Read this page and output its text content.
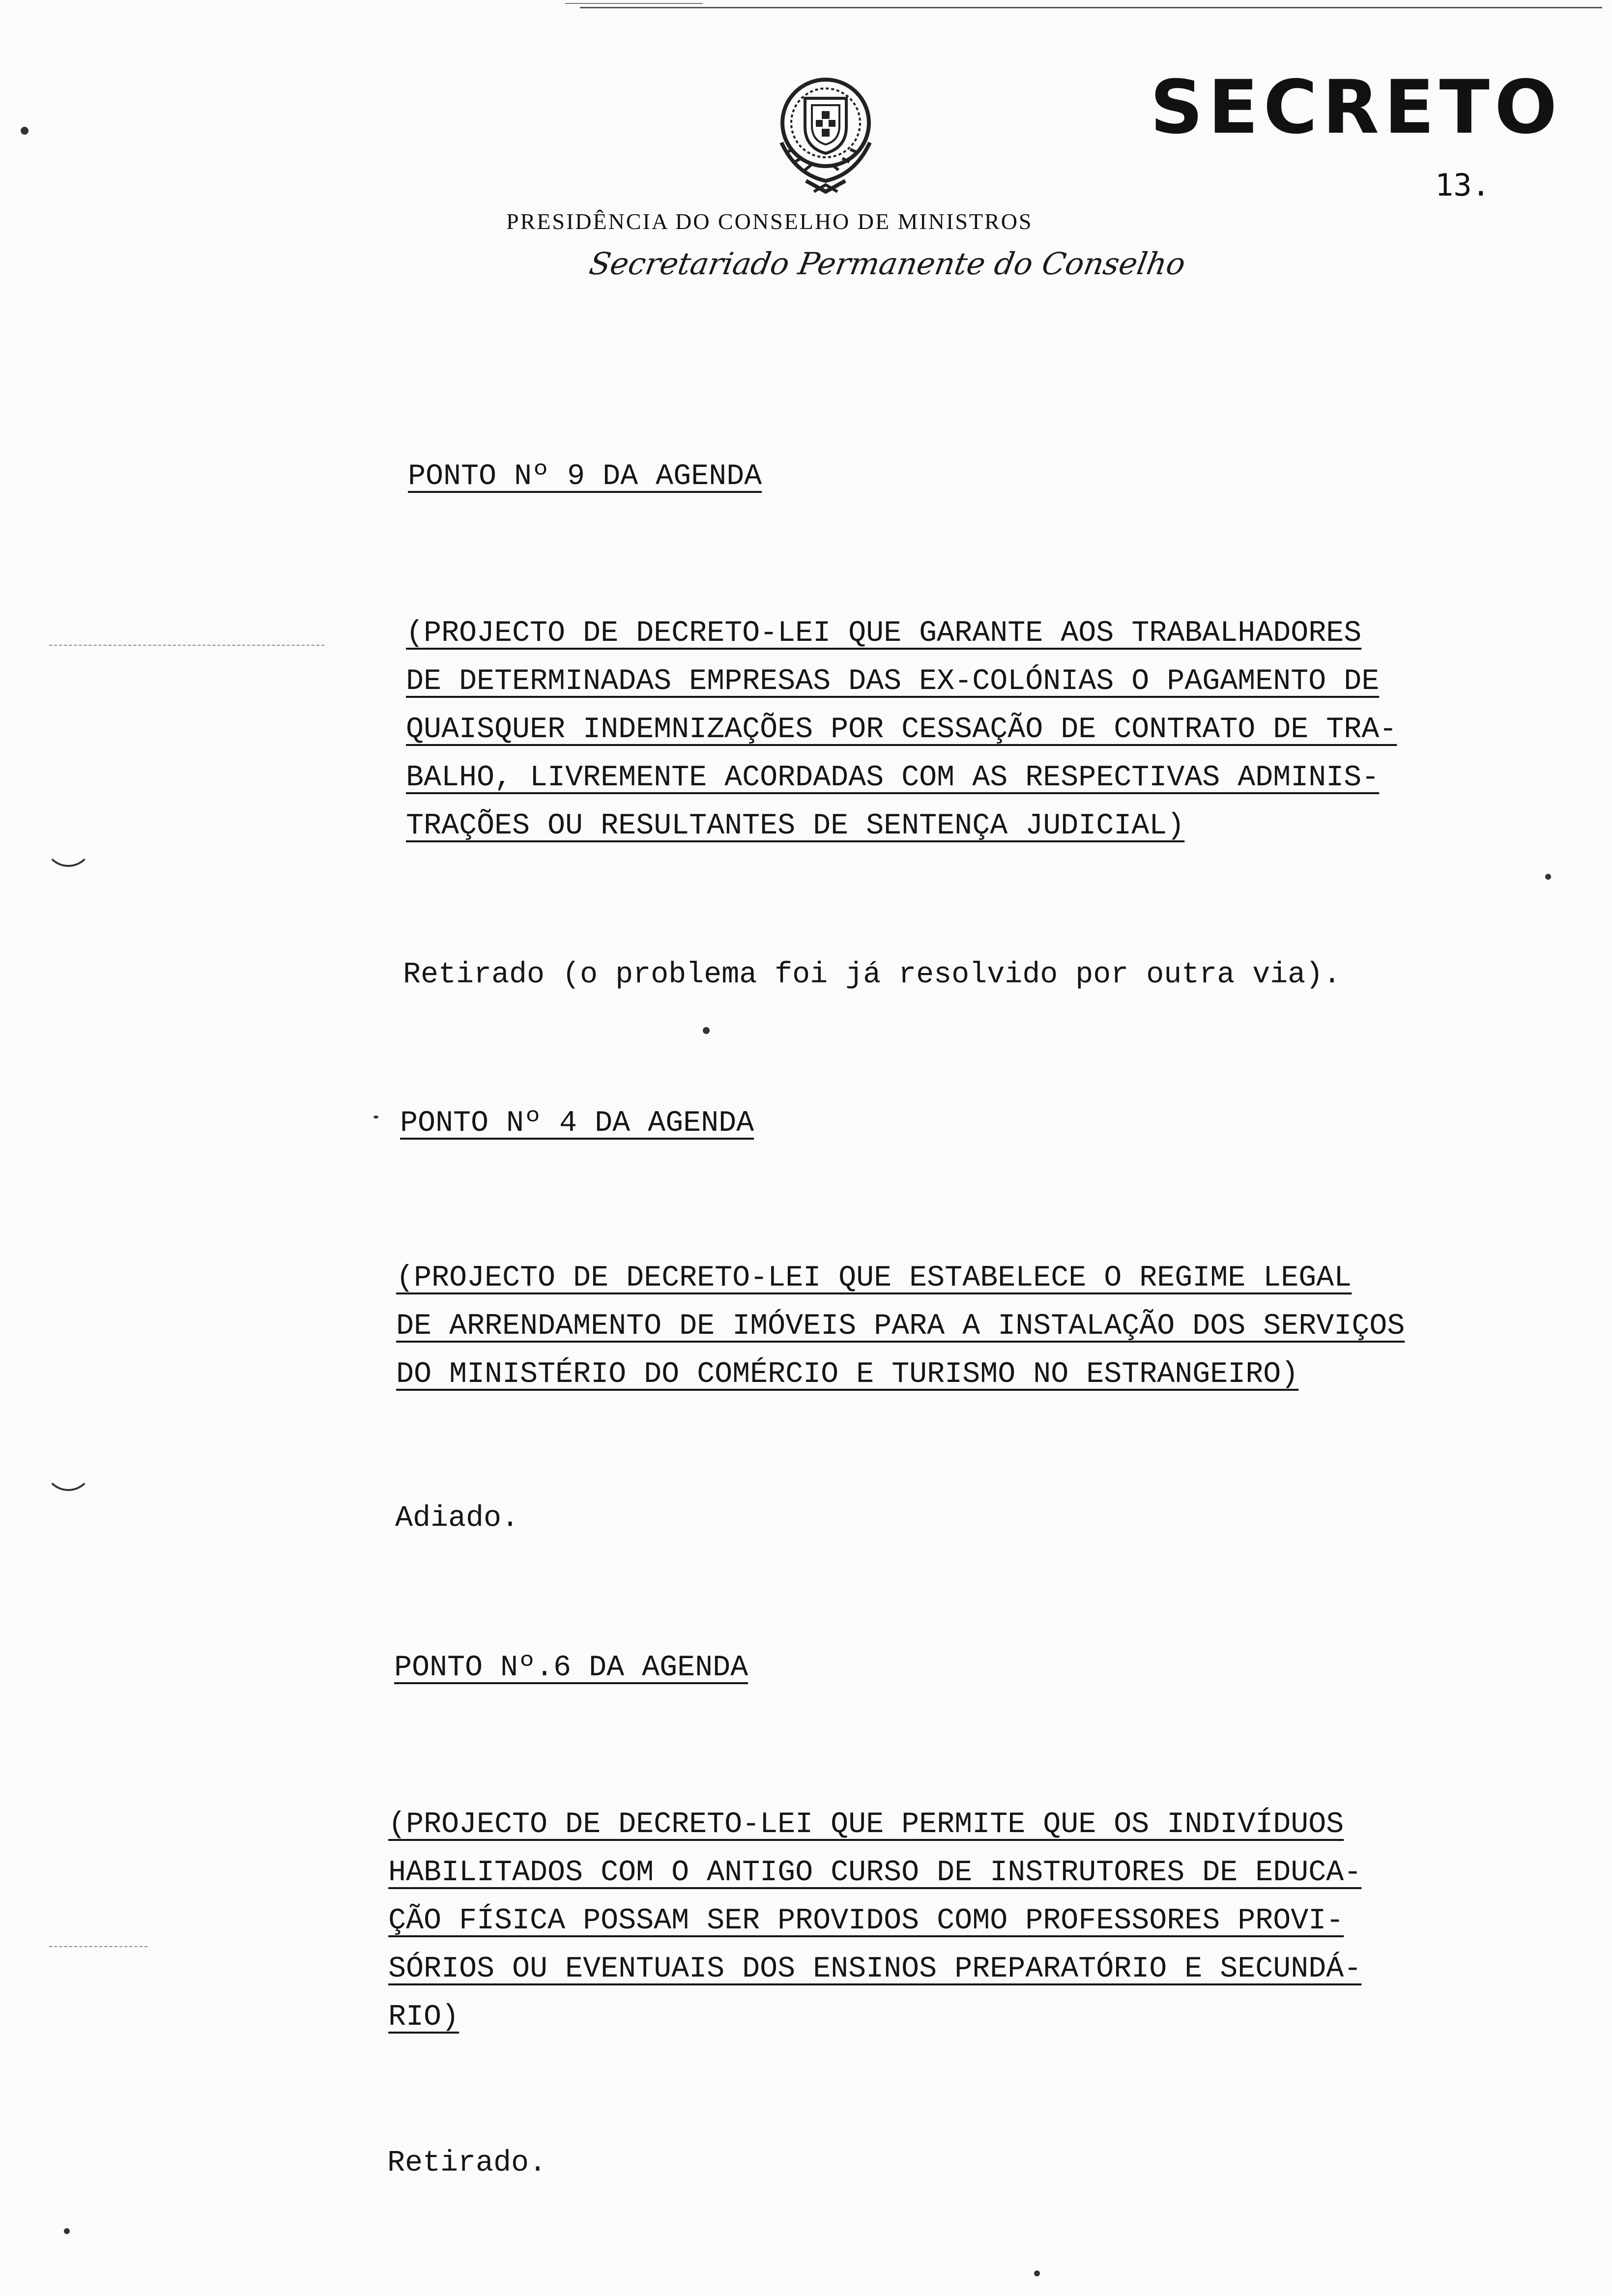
SECRETO
13.
PRESIDÊNCIA DO CONSELHO DE MINISTROS
Secretariado Permanente do Conselho
PONTO Nº 9 DA AGENDA
(PROJECTO DE DECRETO-LEI QUE GARANTE AOS TRABALHADORES
DE DETERMINADAS EMPRESAS DAS EX-COLÓNIAS O PAGAMENTO DE
QUAISQUER INDEMNIZAÇÕES POR CESSAÇÃO DE CONTRATO DE TRA-
BALHO, LIVREMENTE ACORDADAS COM AS RESPECTIVAS ADMINIS-
TRAÇÕES OU RESULTANTES DE SENTENÇA JUDICIAL)
Retirado (o problema foi já resolvido por outra via).
PONTO Nº 4 DA AGENDA
(PROJECTO DE DECRETO-LEI QUE ESTABELECE O REGIME LEGAL
DE ARRENDAMENTO DE IMÓVEIS PARA A INSTALAÇÃO DOS SERVIÇOS
DO MINISTÉRIO DO COMÉRCIO E TURISMO NO ESTRANGEIRO)
Adiado.
PONTO Nº.6 DA AGENDA
(PROJECTO DE DECRETO-LEI QUE PERMITE QUE OS INDIVÍDUOS
HABILITADOS COM O ANTIGO CURSO DE INSTRUTORES DE EDUCA-
ÇÃO FÍSICA POSSAM SER PROVIDOS COMO PROFESSORES PROVI-
SÓRIOS OU EVENTUAIS DOS ENSINOS PREPARATÓRIO E SECUNDÁ-
RIO)
Retirado.
